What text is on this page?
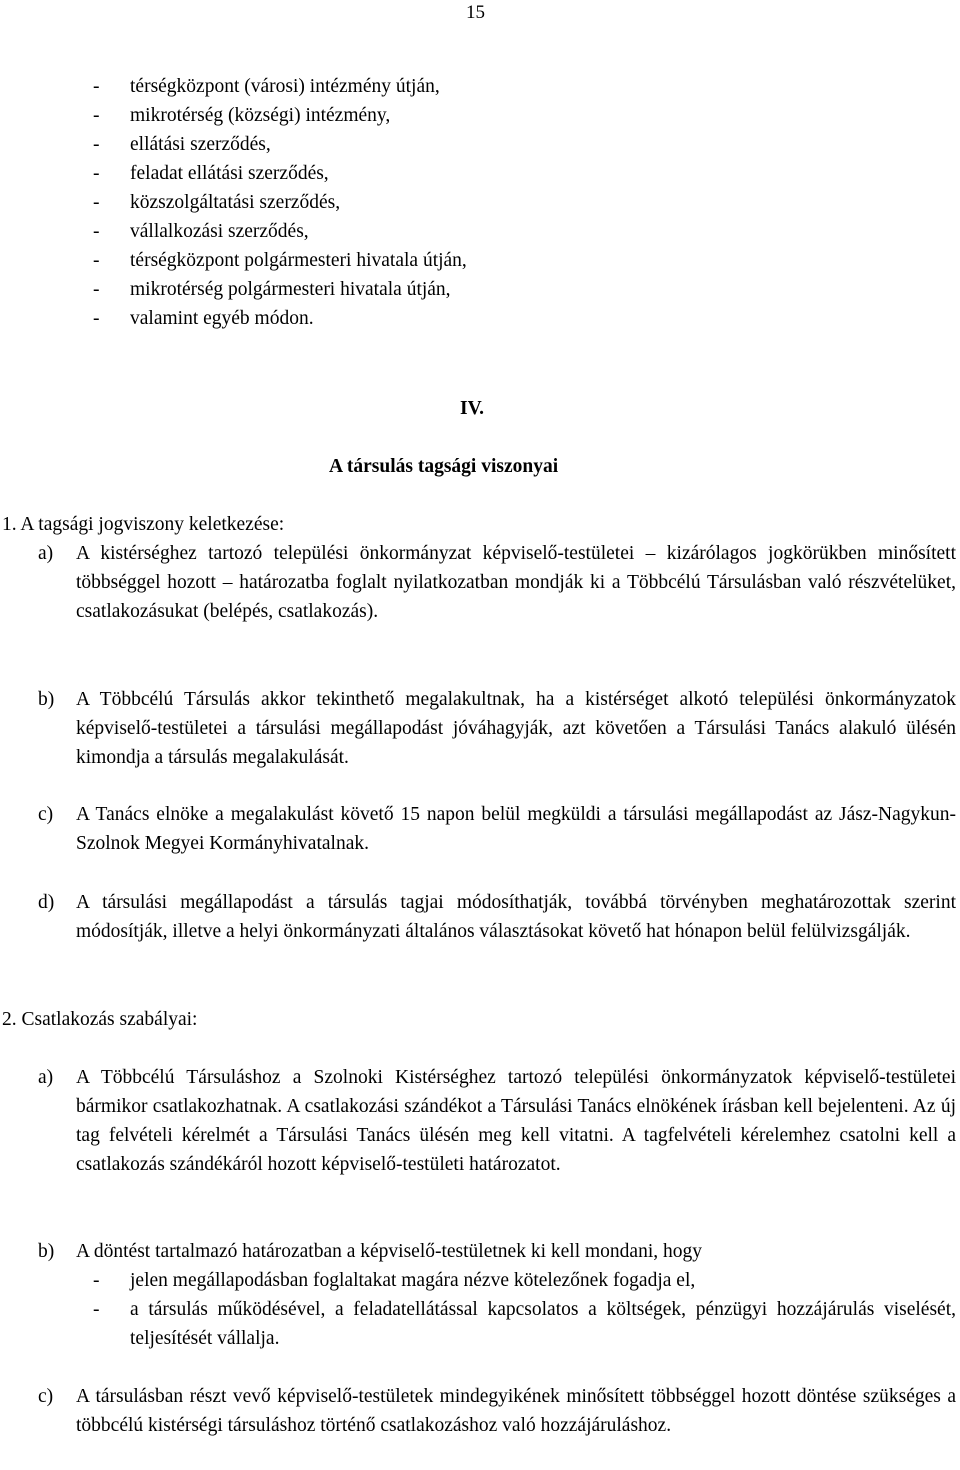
15
-	térségközpont (városi) intézmény útján,
-	mikrotérség (községi) intézmény,
-	ellátási szerződés,
-	feladat ellátási szerződés,
-	közszolgáltatási szerződés,
-	vállalkozási szerződés,
-	térségközpont polgármesteri hivatala útján,
-	mikrotérség polgármesteri hivatala útján,
-	valamint egyéb módon.
IV.
A társulás tagsági viszonyai
1. A tagsági jogviszony keletkezése:
a)	A kistérséghez tartozó települési önkormányzat képviselő-testületei – kizárólagos jogkörükben minősített többséggel hozott – határozatba foglalt nyilatkozatban mondják ki a Többcélú Társulásban való részvételüket, csatlakozásukat (belépés, csatlakozás).
b)	A Többcélú Társulás akkor tekinthető megalakultnak, ha a kistérséget alkotó települési önkormányzatok képviselő-testületei a társulási megállapodást jóváhagyják, azt követően a Társulási Tanács alakuló ülésén kimondja a társulás megalakulását.
c)	A Tanács elnöke a megalakulást követő 15 napon belül megküldi a társulási megállapodást az Jász-Nagykun-Szolnok Megyei Kormányhivatalnak.
d)	A társulási megállapodást a társulás tagjai módosíthatják, továbbá törvényben meghatározottak szerint módosítják, illetve a helyi önkormányzati általános választásokat követő hat hónapon belül felülvizsgálják.
2. Csatlakozás szabályai:
a)	A Többcélú Társuláshoz a Szolnoki Kistérséghez tartozó települési önkormányzatok képviselő-testületei bármikor csatlakozhatnak. A csatlakozási szándékot a Társulási Tanács elnökének írásban kell bejelenteni. Az új tag felvételi kérelmét a Társulási Tanács ülésén meg kell vitatni. A tagfelvételi kérelemhez csatolni kell a csatlakozás szándékáról hozott képviselő-testületi határozatot.
b)	A döntést tartalmazó határozatban a képviselő-testületnek ki kell mondani, hogy
-	jelen megállapodásban foglaltakat magára nézve kötelezőnek fogadja el,
-	a társulás működésével, a feladatellátással kapcsolatos a költségek, pénzügyi hozzájárulás viselését, teljesítését vállalja.
c)	A társulásban részt vevő képviselő-testületek mindegyikének minősített többséggel hozott döntése szükséges a többcélú kistérségi társuláshoz történő csatlakozáshoz való hozzájáruláshoz.
